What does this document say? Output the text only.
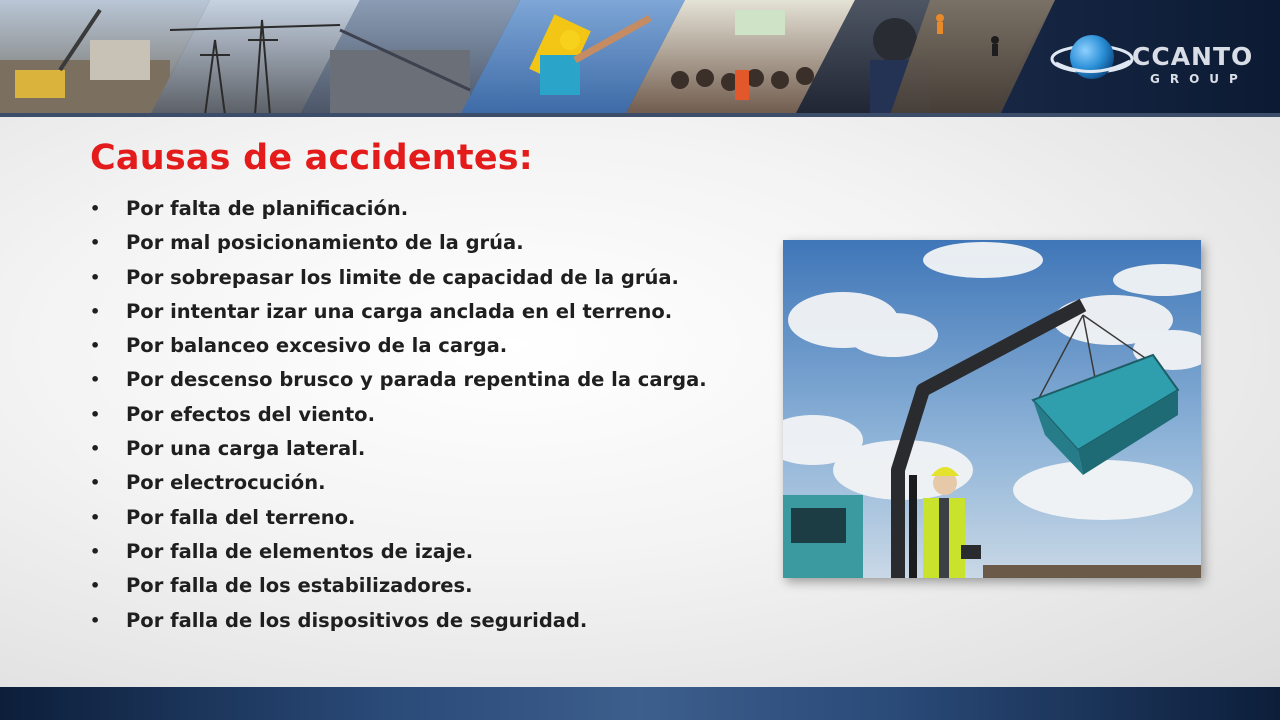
CCANTO
GROUP
Causas de accidentes:
• Por falta de planificación.
• Por mal posicionamiento de la grúa.
• Por sobrepasar los limite de capacidad de la grúa.
• Por intentar izar una carga anclada en el terreno.
• Por balanceo excesivo de la carga.
• Por descenso brusco y parada repentina de la carga.
• Por efectos del viento.
• Por una carga lateral.
• Por electrocución.
• Por falla del terreno.
• Por falla de elementos de izaje.
• Por falla de los estabilizadores.
• Por falla de los dispositivos de seguridad.
